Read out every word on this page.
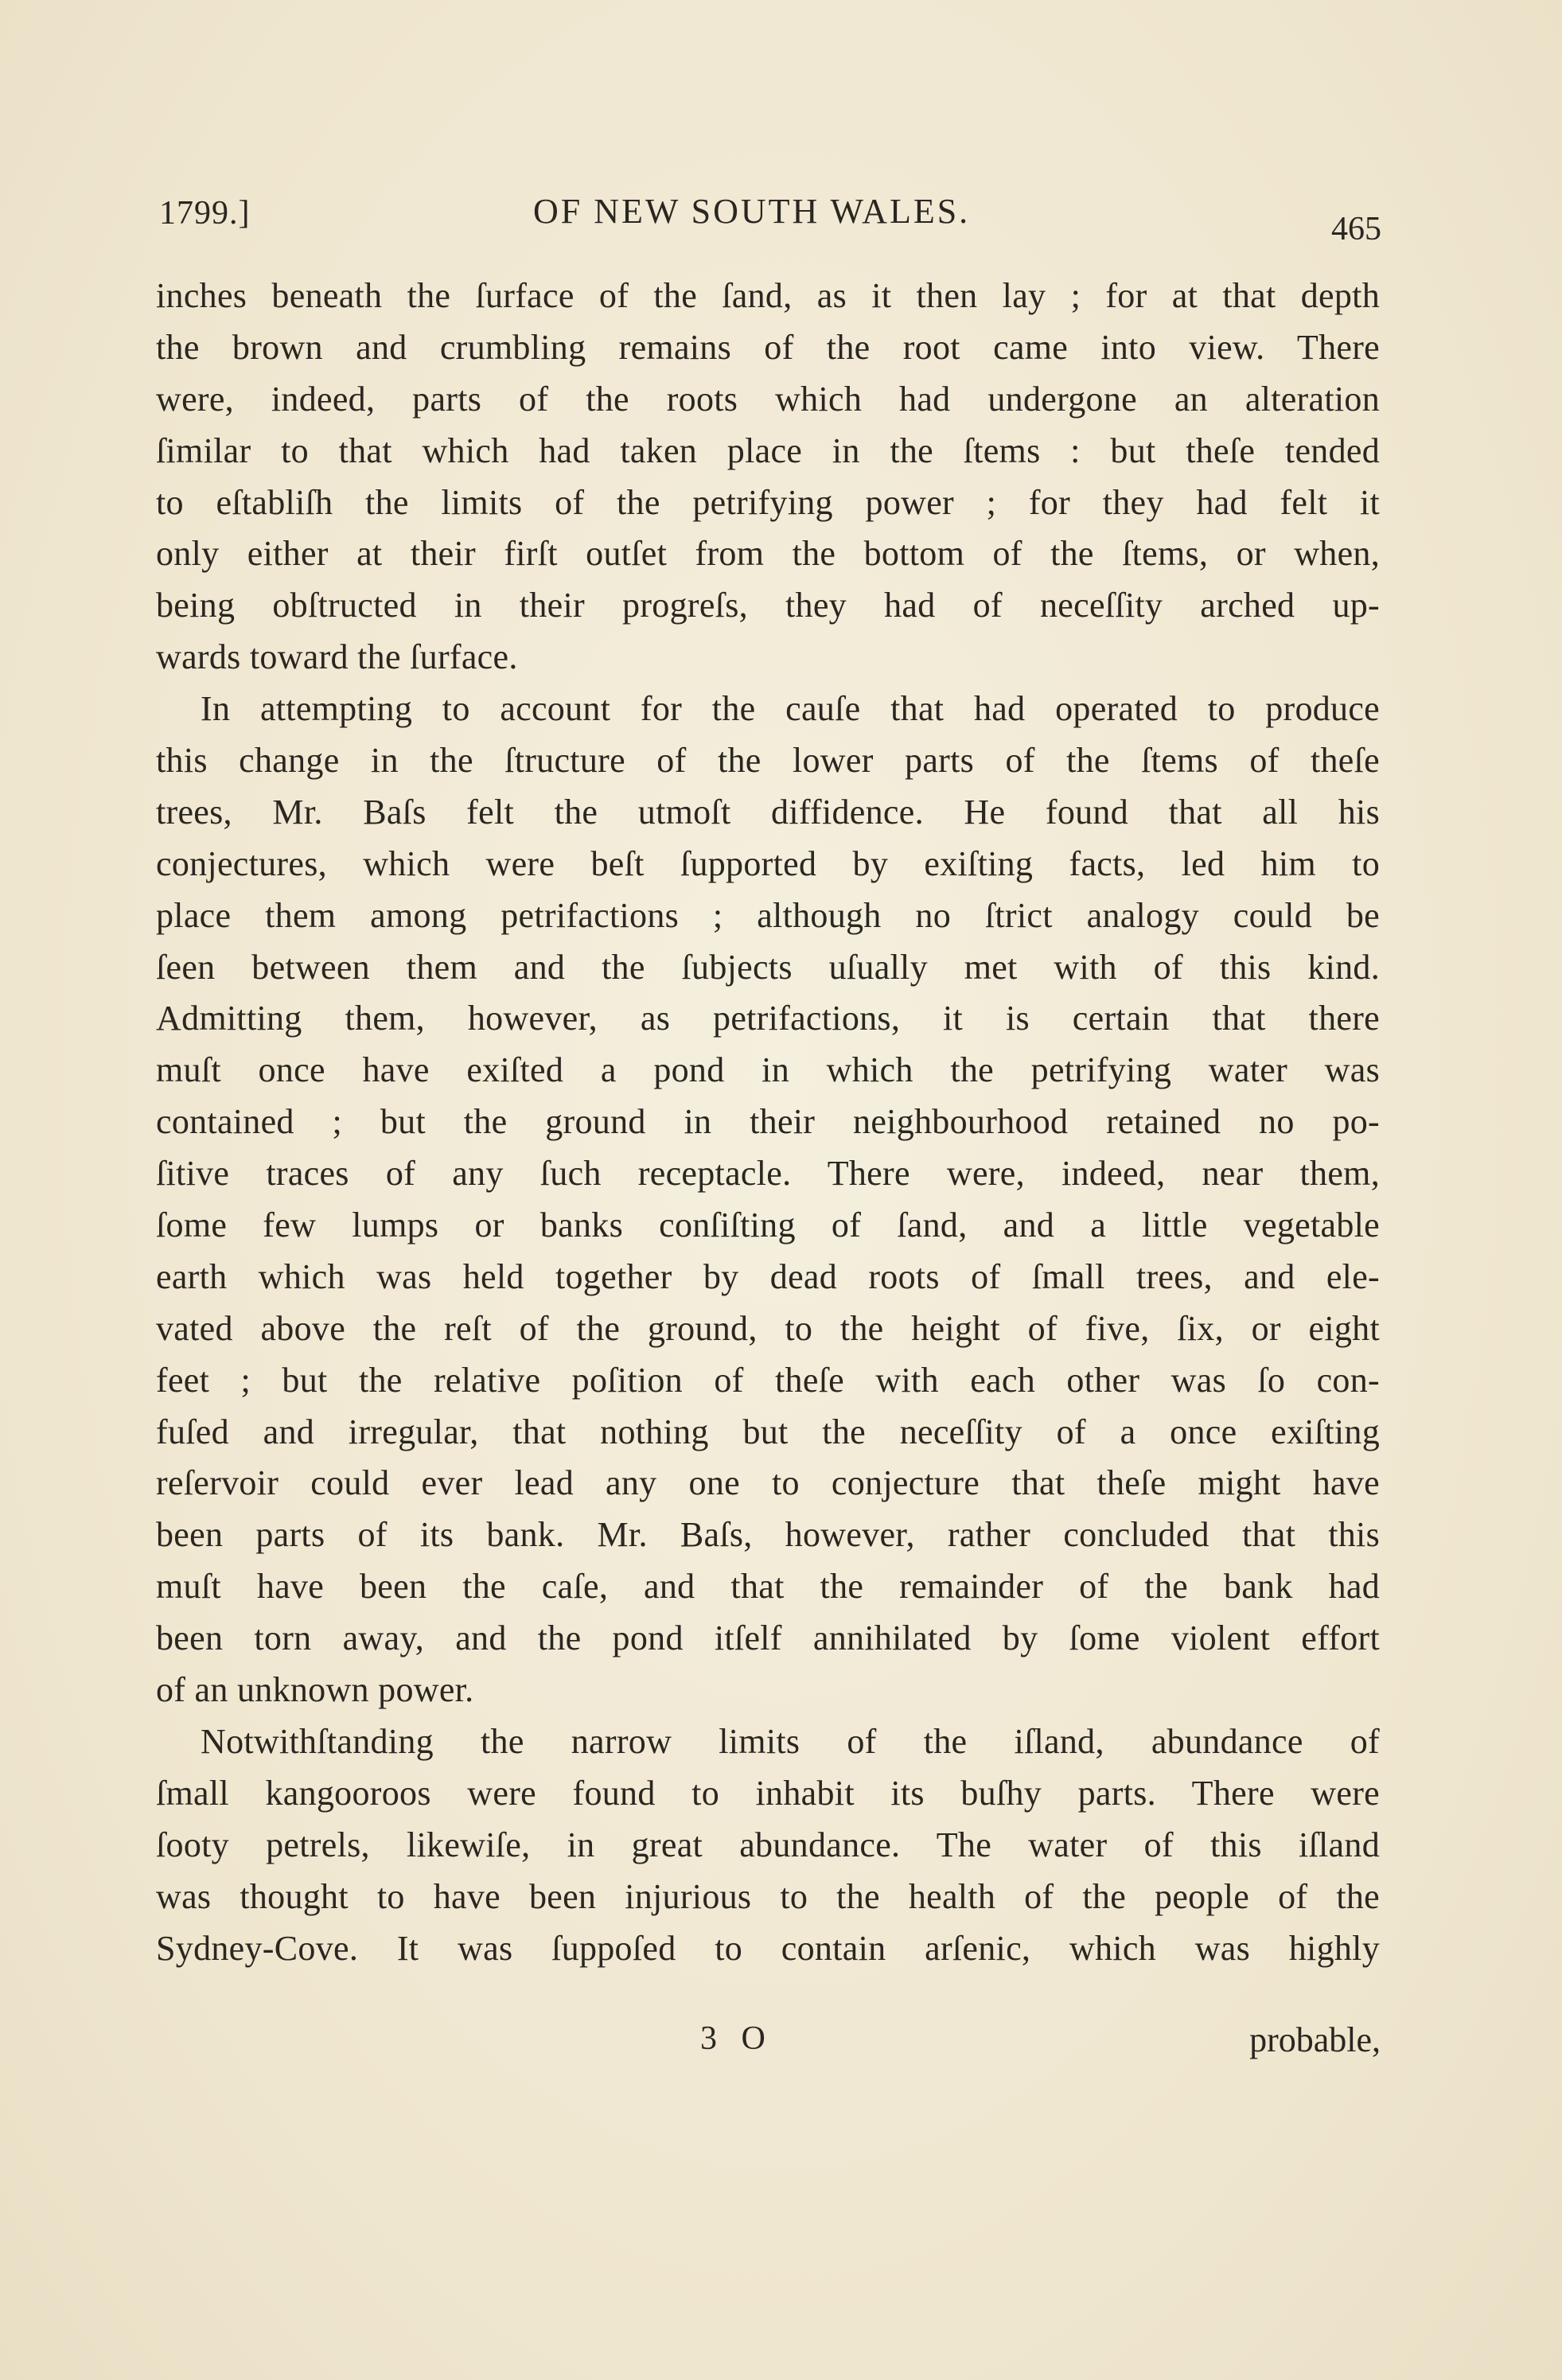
1799.]	OF NEW SOUTH WALES.	465
inches beneath the ſurface of the ſand, as it then lay ; for at that depth
the brown and crumbling remains of the root came into view. There
were, indeed, parts of the roots which had undergone an alteration
ſimilar to that which had taken place in the ſtems : but theſe tended
to eſtabliſh the limits of the petrifying power ; for they had felt it
only either at their firſt outſet from the bottom of the ſtems, or when,
being obſtructed in their progreſs, they had of neceſſity arched up-
wards toward the ſurface.
In attempting to account for the cauſe that had operated to produce
this change in the ſtructure of the lower parts of the ſtems of theſe
trees, Mr. Baſs felt the utmoſt diffidence. He found that all his
conjectures, which were beſt ſupported by exiſting facts, led him to
place them among petrifactions ; although no ſtrict analogy could be
ſeen between them and the ſubjects uſually met with of this kind.
Admitting them, however, as petrifactions, it is certain that there
muſt once have exiſted a pond in which the petrifying water was
contained ; but the ground in their neighbourhood retained no po-
ſitive traces of any ſuch receptacle. There were, indeed, near them,
ſome few lumps or banks conſiſting of ſand, and a little vegetable
earth which was held together by dead roots of ſmall trees, and ele-
vated above the reſt of the ground, to the height of five, ſix, or eight
feet ; but the relative poſition of theſe with each other was ſo con-
fuſed and irregular, that nothing but the neceſſity of a once exiſting
reſervoir could ever lead any one to conjecture that theſe might have
been parts of its bank. Mr. Baſs, however, rather concluded that this
muſt have been the caſe, and that the remainder of the bank had
been torn away, and the pond itſelf annihilated by ſome violent effort
of an unknown power.
Notwithſtanding the narrow limits of the iſland, abundance of
ſmall kangooroos were found to inhabit its buſhy parts. There were
ſooty petrels, likewiſe, in great abundance. The water of this iſland
was thought to have been injurious to the health of the people of the
Sydney-Cove. It was ſuppoſed to contain arſenic, which was highly
3 O	probable,
